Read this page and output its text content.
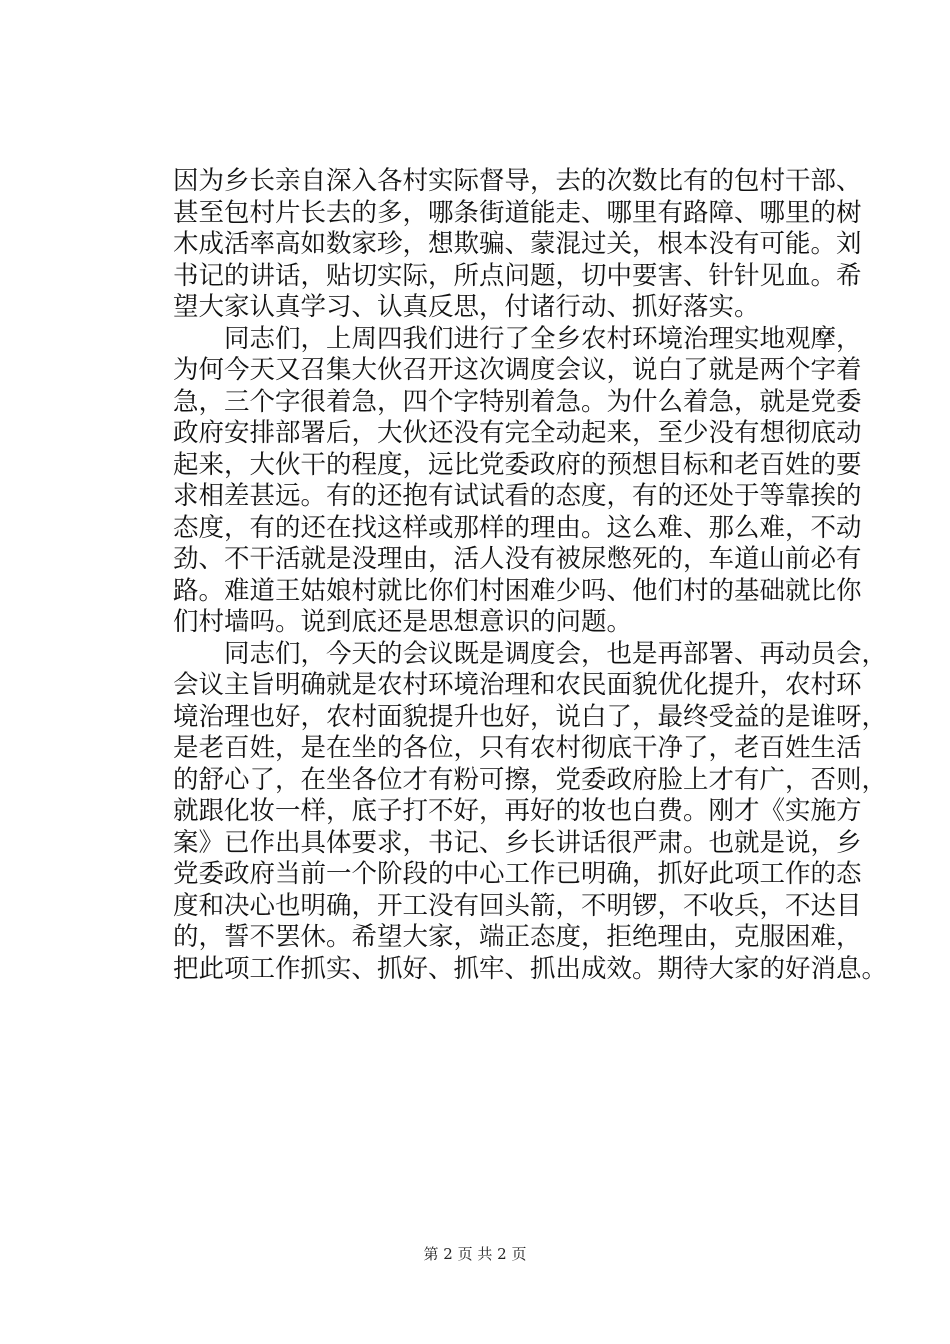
因为乡长亲自深入各村实际督导，去的次数比有的包村干部、
甚至包村片长去的多，哪条街道能走、哪里有路障、哪里的树
木成活率高如数家珍，想欺骗、蒙混过关，根本没有可能。刘
书记的讲话，贴切实际，所点问题，切中要害、针针见血。希
望大家认真学习、认真反思，付诸行动、抓好落实。
　　同志们，上周四我们进行了全乡农村环境治理实地观摩，
为何今天又召集大伙召开这次调度会议，说白了就是两个字着
急，三个字很着急，四个字特别着急。为什么着急，就是党委
政府安排部署后，大伙还没有完全动起来，至少没有想彻底动
起来，大伙干的程度，远比党委政府的预想目标和老百姓的要
求相差甚远。有的还抱有试试看的态度，有的还处于等靠挨的
态度，有的还在找这样或那样的理由。这么难、那么难，不动
劲、不干活就是没理由，活人没有被尿憋死的，车道山前必有
路。难道王姑娘村就比你们村困难少吗、他们村的基础就比你
们村墙吗。说到底还是思想意识的问题。
　　同志们，今天的会议既是调度会，也是再部署、再动员会，
会议主旨明确就是农村环境治理和农民面貌优化提升，农村环
境治理也好，农村面貌提升也好，说白了，最终受益的是谁呀，
是老百姓，是在坐的各位，只有农村彻底干净了，老百姓生活
的舒心了，在坐各位才有粉可擦，党委政府脸上才有广，否则，
就跟化妆一样，底子打不好，再好的妆也白费。刚才《实施方
案》已作出具体要求，书记、乡长讲话很严肃。也就是说，乡
党委政府当前一个阶段的中心工作已明确，抓好此项工作的态
度和决心也明确，开工没有回头箭，不明锣，不收兵，不达目
的，誓不罢休。希望大家，端正态度，拒绝理由，克服困难，
把此项工作抓实、抓好、抓牢、抓出成效。期待大家的好消息。
第 2 页 共 2 页
